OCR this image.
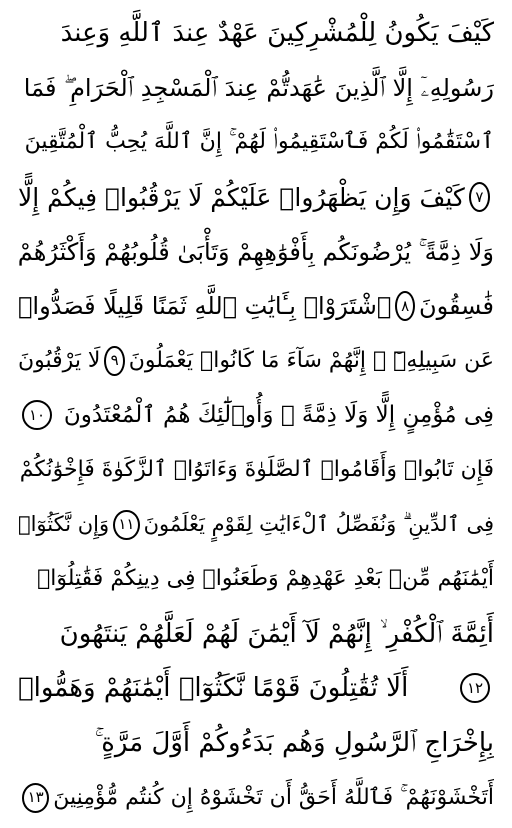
كَيْفَ يَكُونُ لِلْمُشْرِكِينَ عَهْدٌ عِندَ ٱللَّهِ وَعِندَ
رَسُولِهِۦٓ إِلَّا ٱلَّذِينَ عَٰهَدتُّمْ عِندَ ٱلْمَسْجِدِ ٱلْحَرَامِ ۖ فَمَا
ٱسْتَقَٰمُوا۟ لَكُمْ فَٱسْتَقِيمُوا۟ لَهُمْ ۚ إِنَّ ٱللَّهَ يُحِبُّ ٱلْمُتَّقِينَ
٧
كَيْفَ وَإِن يَظْهَرُوا۟ عَلَيْكُمْ لَا يَرْقُبُوا۟ فِيكُمْ إِلًّا
وَلَا ذِمَّةً ۚ يُرْضُونَكُم بِأَفْوَٰهِهِمْ وَتَأْبَىٰ قُلُوبُهُمْ وَأَكْثَرُهُمْ
فَٰسِقُونَ
٨
ٱشْتَرَوْا۟ بِـَٔايَٰتِ ٱللَّهِ ثَمَنًا قَلِيلًا فَصَدُّوا۟
عَن سَبِيلِهِۦٓ ۚ إِنَّهُمْ سَآءَ مَا كَانُوا۟ يَعْمَلُونَ
٩
لَا يَرْقُبُونَ
فِى مُؤْمِنٍ إِلًّا وَلَا ذِمَّةً ۚ وَأُو۟لَٰٓئِكَ هُمُ ٱلْمُعْتَدُونَ
١٠
فَإِن تَابُوا۟ وَأَقَامُوا۟ ٱلصَّلَوٰةَ وَءَاتَوُا۟ ٱلزَّكَوٰةَ فَإِخْوَٰنُكُمْ
فِى ٱلدِّينِ ۗ وَنُفَصِّلُ ٱلْءَايَٰتِ لِقَوْمٍ يَعْلَمُونَ
١١
وَإِن نَّكَثُوٓا۟
أَيْمَٰنَهُم مِّنۢ بَعْدِ عَهْدِهِمْ وَطَعَنُوا۟ فِى دِينِكُمْ فَقَٰتِلُوٓا۟
أَئِمَّةَ ٱلْكُفْرِ ۙ إِنَّهُمْ لَآ أَيْمَٰنَ لَهُمْ لَعَلَّهُمْ يَنتَهُونَ
١٢
أَلَا تُقَٰتِلُونَ قَوْمًا نَّكَثُوٓا۟ أَيْمَٰنَهُمْ وَهَمُّوا۟
بِإِخْرَاجِ ٱلرَّسُولِ وَهُم بَدَءُوكُمْ أَوَّلَ مَرَّةٍ ۚ
أَتَخْشَوْنَهُمْ ۚ فَٱللَّهُ أَحَقُّ أَن تَخْشَوْهُ إِن كُنتُم مُّؤْمِنِينَ
١٣
